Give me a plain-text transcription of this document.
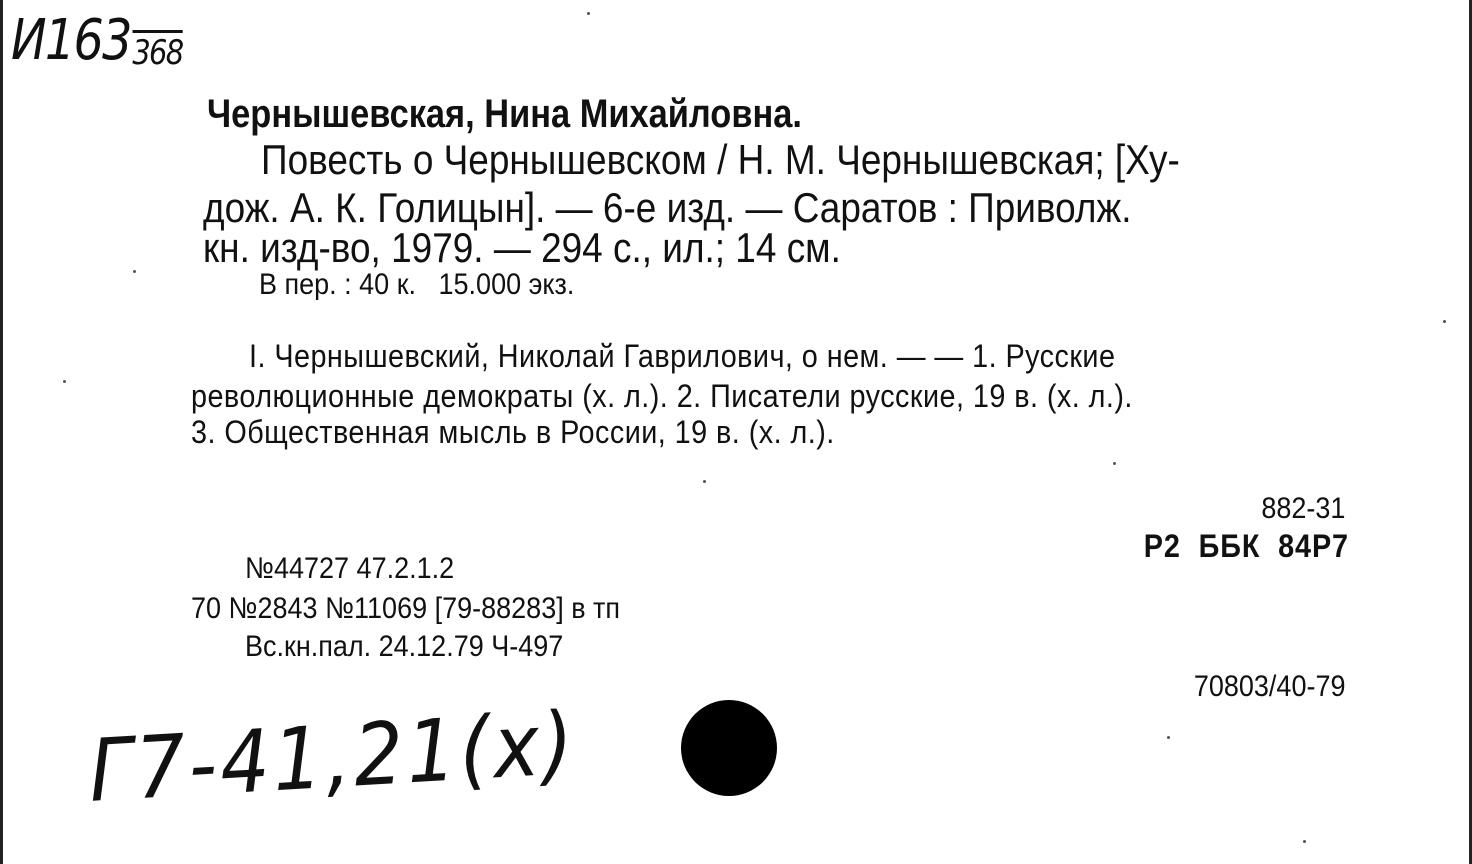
И163368
Чернышевская, Нина Михайловна.
Повесть о Чернышевском / Н. М. Чернышевская; [Ху-
дож. А. К. Голицын]. — 6-е изд. — Саратов : Приволж.
кн. изд-во, 1979. — 294 с., ил.; 14 см.
В пер. : 40 к.   15.000 экз.
I. Чернышевский, Николай Гаврилович, о нем. — — 1. Русские
революционные демократы (х. л.). 2. Писатели русские, 19 в. (х. л.).
3. Общественная мысль в России, 19 в. (х. л.).
882-31
Р2  ББК  84Р7
№44727 47.2.1.2
70 №2843 №11069 [79-88283] в тп
Вс.кн.пал. 24.12.79 Ч-497
70803/40-79
Г7-41,21(х)
